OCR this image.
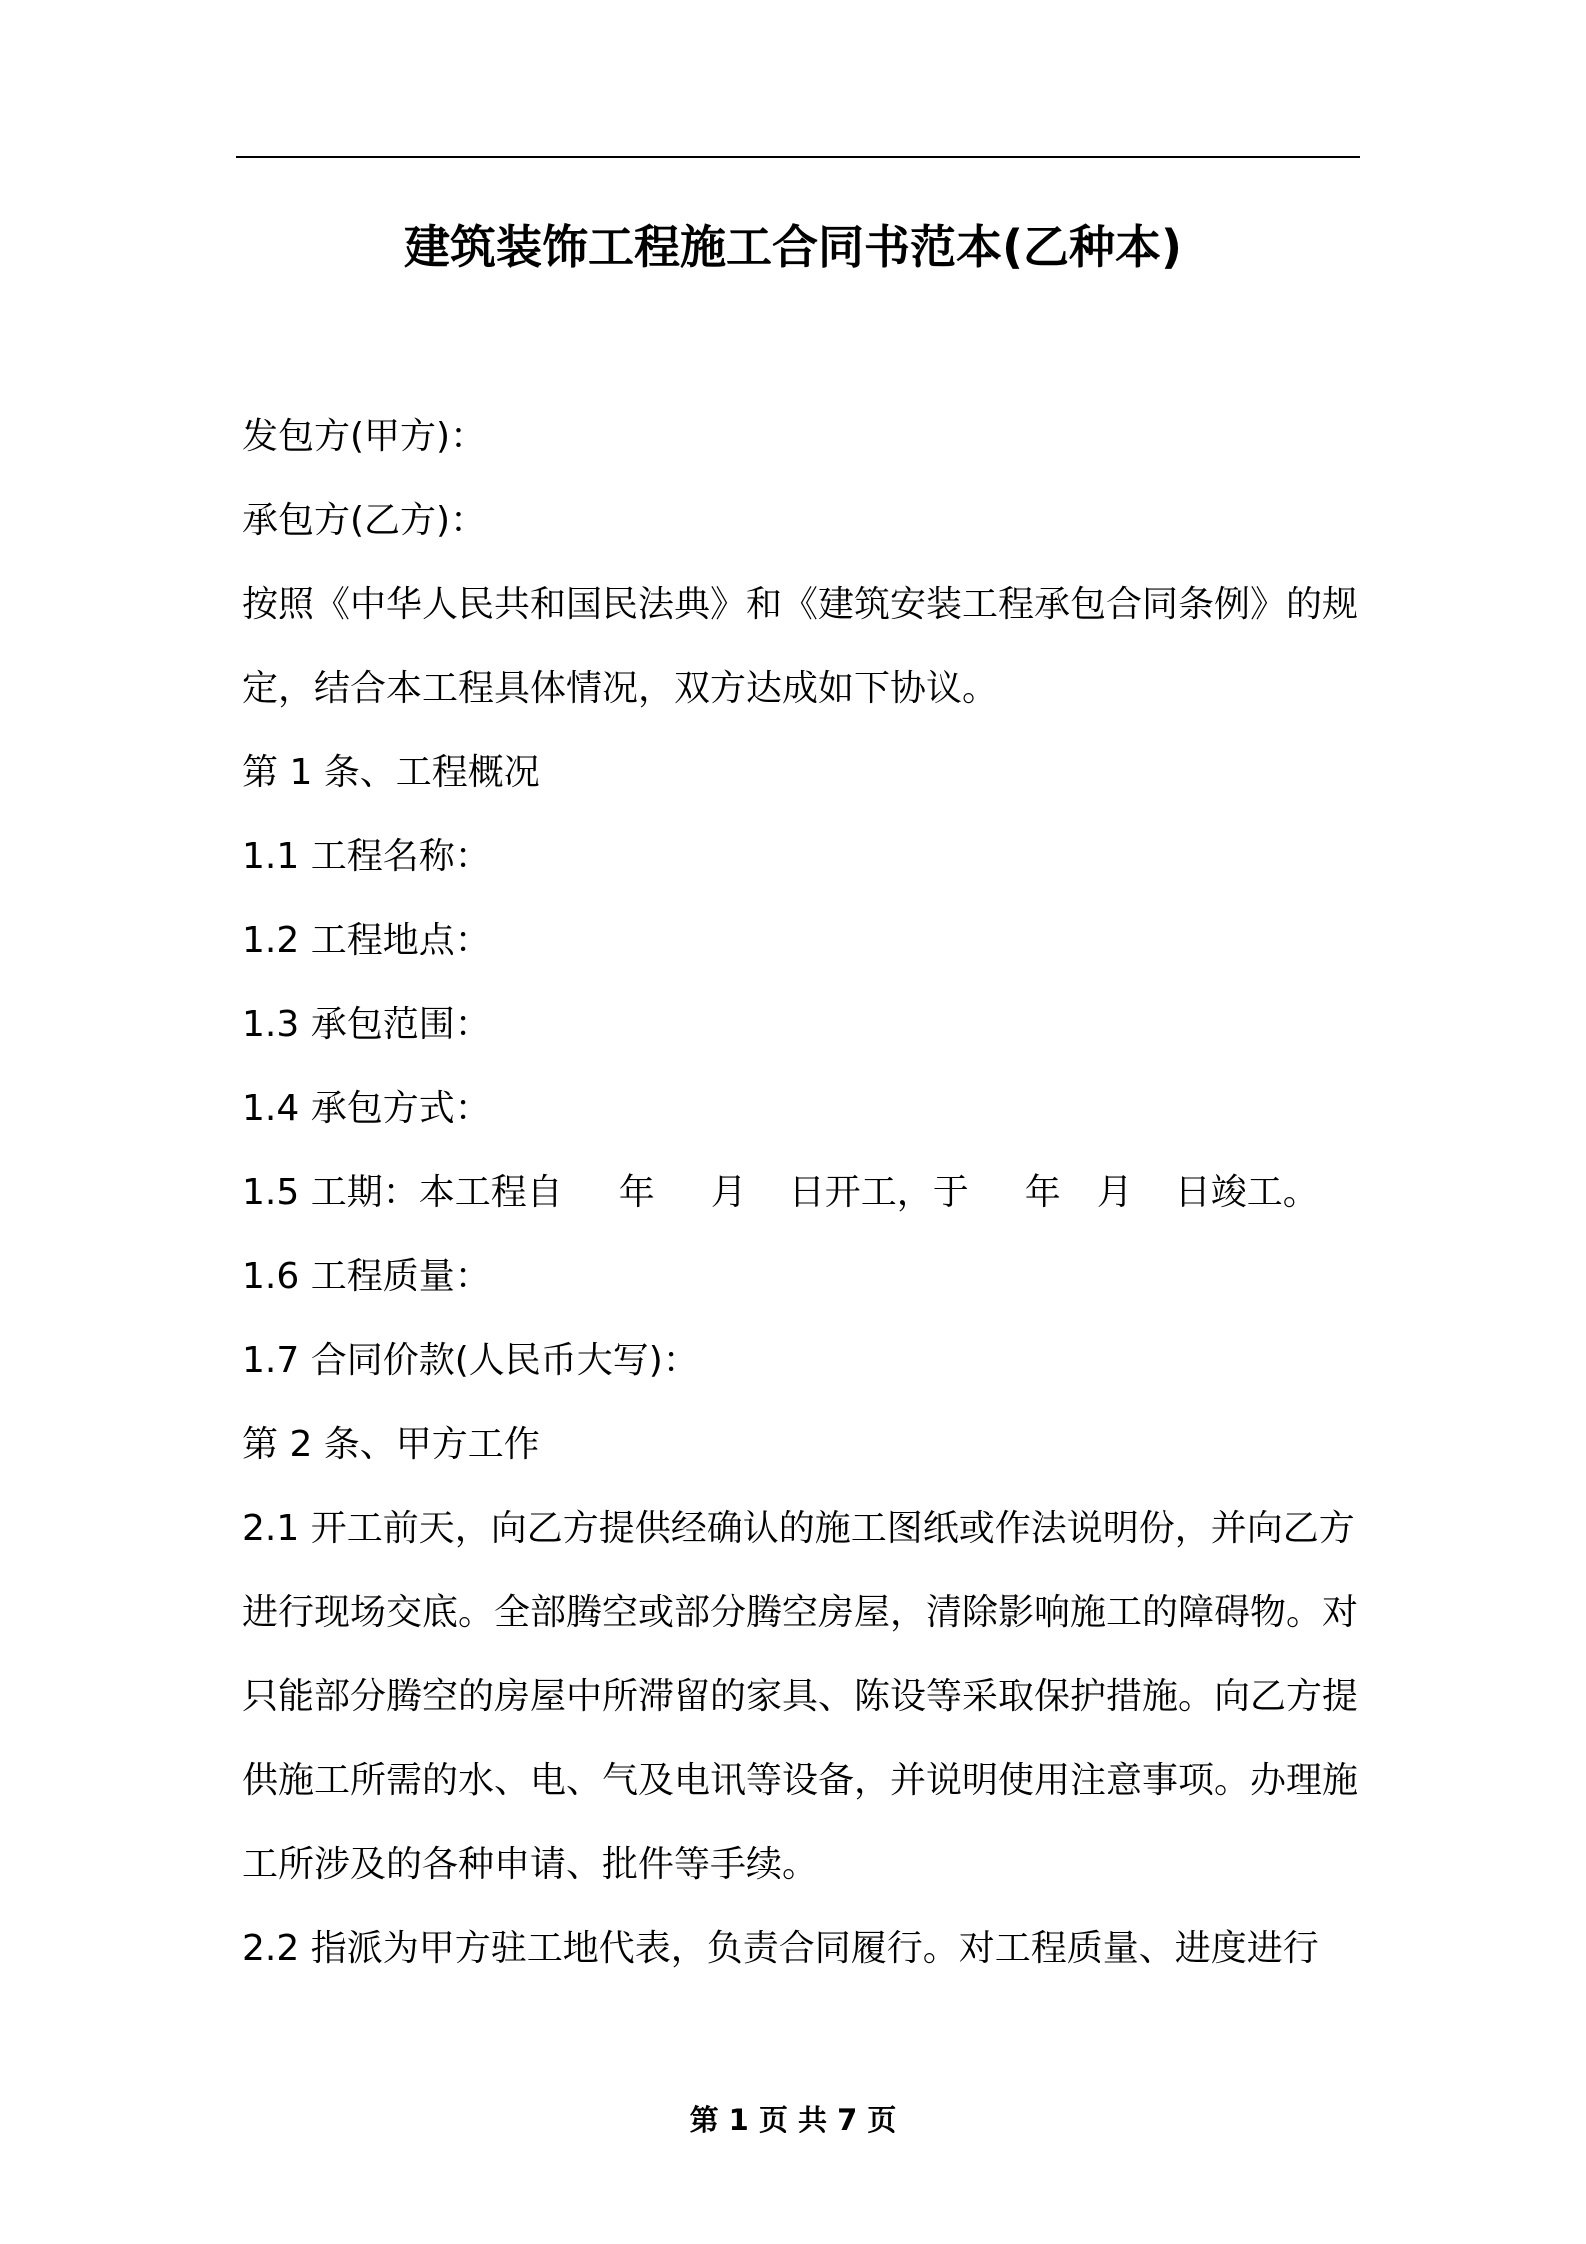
建筑装饰工程施工合同书范本(乙种本)

发包方(甲方)：

承包方(乙方)：

按照《中华人民共和国民法典》和《建筑安装工程承包合同条例》的规定，结合本工程具体情况，双方达成如下协议。

第 1 条、工程概况

1.1 工程名称：

1.2 工程地点：

1.3 承包范围：

1.4 承包方式：

1.5 工期：本工程自 年 月 日开工，于 年 月 日竣工。

1.6 工程质量：

1.7 合同价款(人民币大写)：

第 2 条、甲方工作

2.1 开工前天，向乙方提供经确认的施工图纸或作法说明份，并向乙方进行现场交底。全部腾空或部分腾空房屋，清除影响施工的障碍物。对只能部分腾空的房屋中所滞留的家具、陈设等采取保护措施。向乙方提供施工所需的水、电、气及电讯等设备，并说明使用注意事项。办理施工所涉及的各种申请、批件等手续。

2.2 指派为甲方驻工地代表，负责合同履行。对工程质量、进度进行

第 1 页 共 7 页
